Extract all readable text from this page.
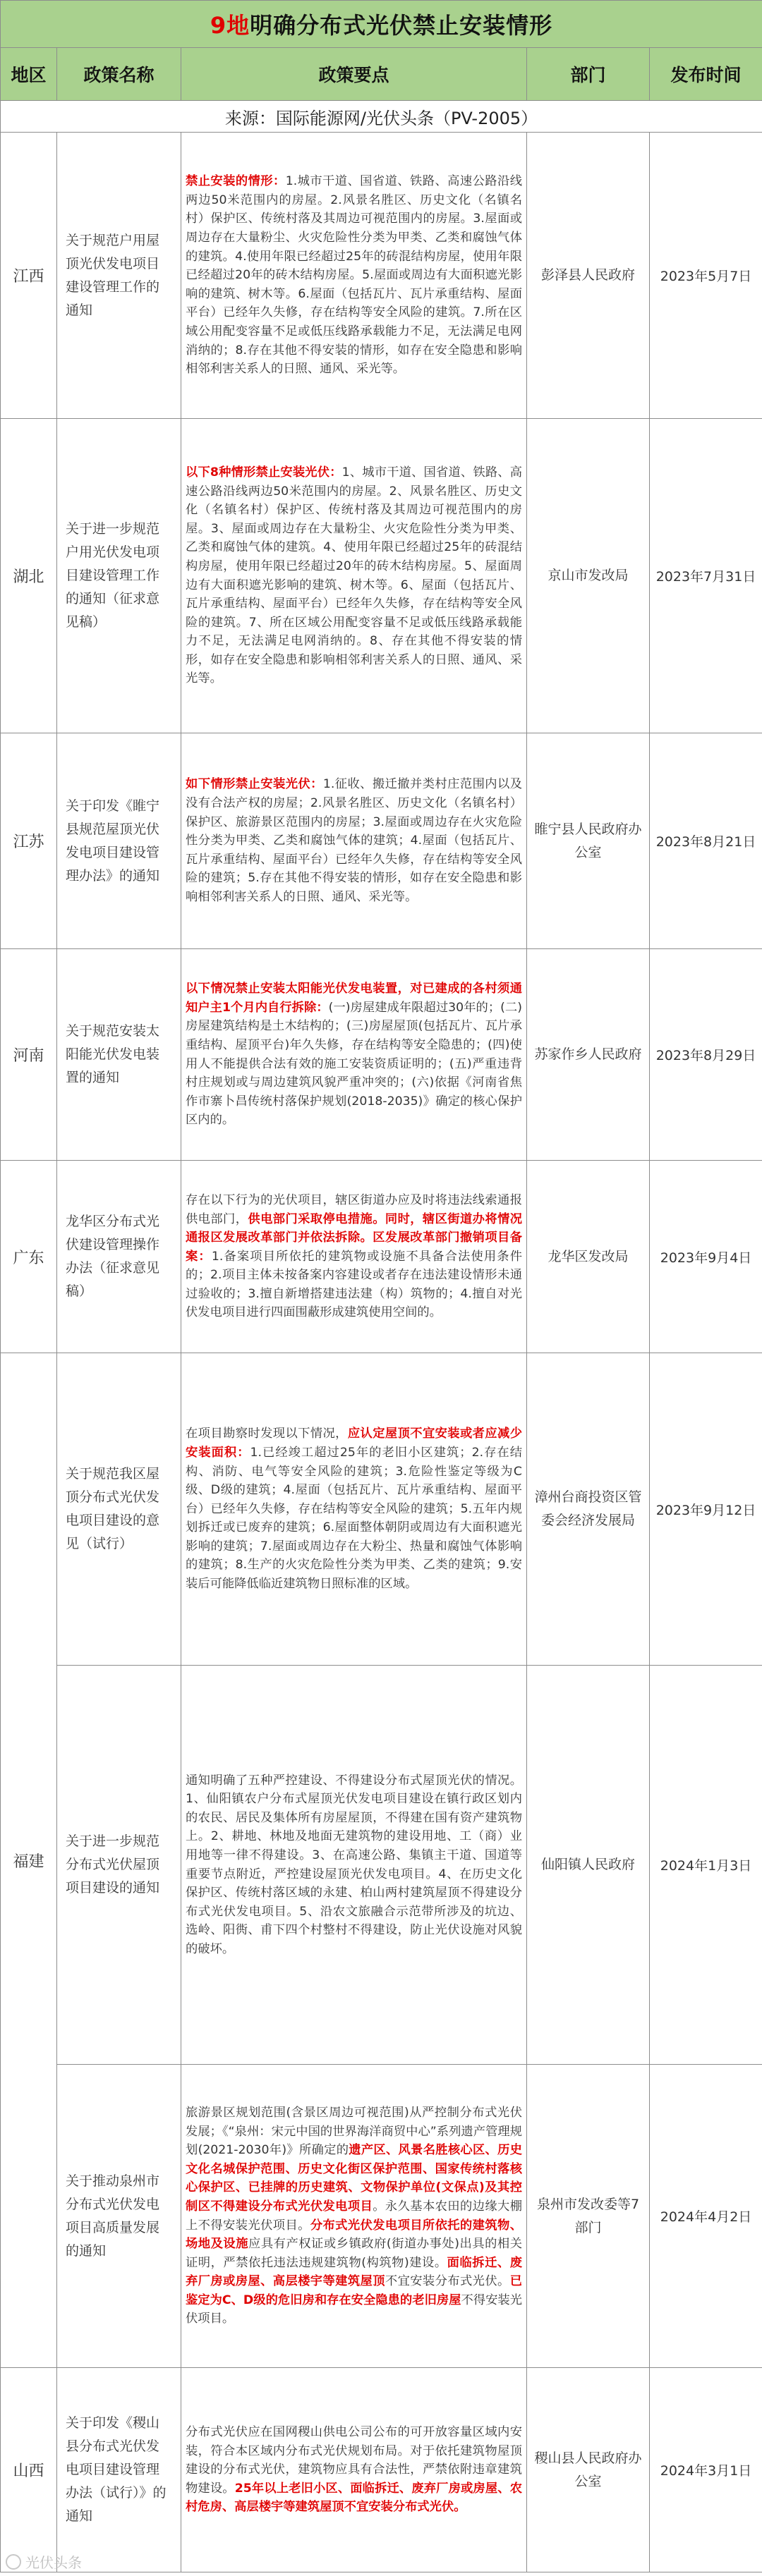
9地明确分布式光伏禁止安装情形				
地区	政策名称	政策要点	部门	发布时间
来源：国际能源网/光伏头条（PV-2005）				
江西	关于规范户用屋顶光伏发电项目建设管理工作的通知	禁止安装的情形：1.城市干道、国省道、铁路、高速公路沿线两边50米范围内的房屋。2.风景名胜区、历史文化（名镇名村）保护区、传统村落及其周边可视范围内的房屋。3.屋面或周边存在大量粉尘、火灾危险性分类为甲类、乙类和腐蚀气体的建筑。4.使用年限已经超过25年的砖混结构房屋，使用年限已经超过20年的砖木结构房屋。5.屋面或周边有大面积遮光影响的建筑、树木等。6.屋面（包括瓦片、瓦片承重结构、屋面平台）已经年久失修，存在结构等安全风险的建筑。7.所在区域公用配变容量不足或低压线路承载能力不足，无法满足电网消纳的；8.存在其他不得安装的情形，如存在安全隐患和影响相邻利害关系人的日照、通风、采光等。	彭泽县人民政府	2023年5月7日
湖北	关于进一步规范户用光伏发电项目建设管理工作的通知（征求意见稿）	以下8种情形禁止安装光伏：1、城市干道、国省道、铁路、高速公路沿线两边50米范围内的房屋。2、风景名胜区、历史文化（名镇名村）保护区、传统村落及其周边可视范围内的房屋。3、屋面或周边存在大量粉尘、火灾危险性分类为甲类、乙类和腐蚀气体的建筑。4、使用年限已经超过25年的砖混结构房屋，使用年限已经超过20年的砖木结构房屋。5、屋面周边有大面积遮光影响的建筑、树木等。6、屋面（包括瓦片、瓦片承重结构、屋面平台）已经年久失修，存在结构等安全风险的建筑。7、所在区域公用配变容量不足或低压线路承载能力不足，无法满足电网消纳的。8、存在其他不得安装的情形，如存在安全隐患和影响相邻利害关系人的日照、通风、采光等。	京山市发改局	2023年7月31日
江苏	关于印发《睢宁县规范屋顶光伏发电项目建设管理办法》的通知	如下情形禁止安装光伏：1.征收、搬迁撤并类村庄范围内以及没有合法产权的房屋；2.风景名胜区、历史文化（名镇名村）保护区、旅游景区范围内的房屋；3.屋面或周边存在火灾危险性分类为甲类、乙类和腐蚀气体的建筑；4.屋面（包括瓦片、瓦片承重结构、屋面平台）已经年久失修，存在结构等安全风险的建筑；5.存在其他不得安装的情形，如存在安全隐患和影响相邻利害关系人的日照、通风、采光等。	睢宁县人民政府办公室	2023年8月21日
河南	关于规范安装太阳能光伏发电装置的通知	以下情况禁止安装太阳能光伏发电装置，对已建成的各村须通知户主1个月内自行拆除：(一)房屋建成年限超过30年的；(二)房屋建筑结构是土木结构的；(三)房屋屋顶(包括瓦片、瓦片承重结构、屋顶平台)年久失修，存在结构等安全隐患的；(四)使用人不能提供合法有效的施工安装资质证明的；(五)严重违背村庄规划或与周边建筑风貌严重冲突的；(六)依据《河南省焦作市寨卜昌传统村落保护规划(2018-2035)》确定的核心保护区内的。	苏家作乡人民政府	2023年8月29日
广东	龙华区分布式光伏建设管理操作办法（征求意见稿）	存在以下行为的光伏项目，辖区街道办应及时将违法线索通报供电部门，供电部门采取停电措施。同时，辖区街道办将情况通报区发展改革部门并依法拆除。区发展改革部门撤销项目备案：1.备案项目所依托的建筑物或设施不具备合法使用条件的；2.项目主体未按备案内容建设或者存在违法建设情形未通过验收的；3.擅自新增搭建违法建（构）筑物的；4.擅自对光伏发电项目进行四面围蔽形成建筑使用空间的。	龙华区发改局	2023年9月4日
福建	关于规范我区屋顶分布式光伏发电项目建设的意见（试行）	在项目勘察时发现以下情况，应认定屋顶不宜安装或者应减少安装面积：1.已经竣工超过25年的老旧小区建筑；2.存在结构、消防、电气等安全风险的建筑；3.危险性鉴定等级为C级、D级的建筑；4.屋面（包括瓦片、瓦片承重结构、屋面平台）已经年久失修，存在结构等安全风险的建筑；5.五年内规划拆迁或已废弃的建筑；6.屋面整体朝阴或周边有大面积遮光影响的建筑；7.屋面或周边存在大粉尘、热量和腐蚀气体影响的建筑；8.生产的火灾危险性分类为甲类、乙类的建筑；9.安装后可能降低临近建筑物日照标准的区域。	漳州台商投资区管委会经济发展局	2023年9月12日
	关于进一步规范分布式光伏屋顶项目建设的通知	通知明确了五种严控建设、不得建设分布式屋顶光伏的情况。1、仙阳镇农户分布式屋顶光伏发电项目建设在镇行政区划内的农民、居民及集体所有房屋屋顶，不得建在国有资产建筑物上。2、耕地、林地及地面无建筑物的建设用地、工（商）业用地等一律不得建设。3、在高速公路、集镇主干道、国道等重要节点附近，严控建设屋顶光伏发电项目。4、在历史文化保护区、传统村落区域的永建、柏山两村建筑屋顶不得建设分布式光伏发电项目。5、沿农文旅融合示范带所涉及的坑边、选岭、阳衖、甫下四个村整村不得建设，防止光伏设施对风貌的破坏。	仙阳镇人民政府	2024年1月3日
	关于推动泉州市分布式光伏发电项目高质量发展的通知	旅游景区规划范围(含景区周边可视范围)从严控制分布式光伏发展；《“泉州：宋元中国的世界海洋商贸中心”系列遗产管理规划(2021-2030年)》所确定的遗产区、风景名胜核心区、历史文化名城保护范围、历史文化街区保护范围、国家传统村落核心保护区、已挂牌的历史建筑、文物保护单位(文保点)及其控制区不得建设分布式光伏发电项目。永久基本农田的边缘大棚上不得安装光伏项目。分布式光伏发电项目所依托的建筑物、场地及设施应具有产权证或乡镇政府(街道办事处)出具的相关证明，严禁依托违法违规建筑物(构筑物)建设。面临拆迁、废弃厂房或房屋、高层楼宇等建筑屋顶不宜安装分布式光伏。已鉴定为C、D级的危旧房和存在安全隐患的老旧房屋不得安装光伏项目。	泉州市发改委等7部门	2024年4月2日
山西	关于印发《稷山县分布式光伏发电项目建设管理办法（试行）》的通知	分布式光伏应在国网稷山供电公司公布的可开放容量区域内安装，符合本区域内分布式光伏规划布局。对于依托建筑物屋顶建设的分布式光伏，建筑物应具有合法性，严禁依附违章建筑物建设。25年以上老旧小区、面临拆迁、废弃厂房或房屋、农村危房、高层楼宇等建筑屋顶不宜安装分布式光伏。	稷山县人民政府办公室	2024年3月1日
光伏头条
